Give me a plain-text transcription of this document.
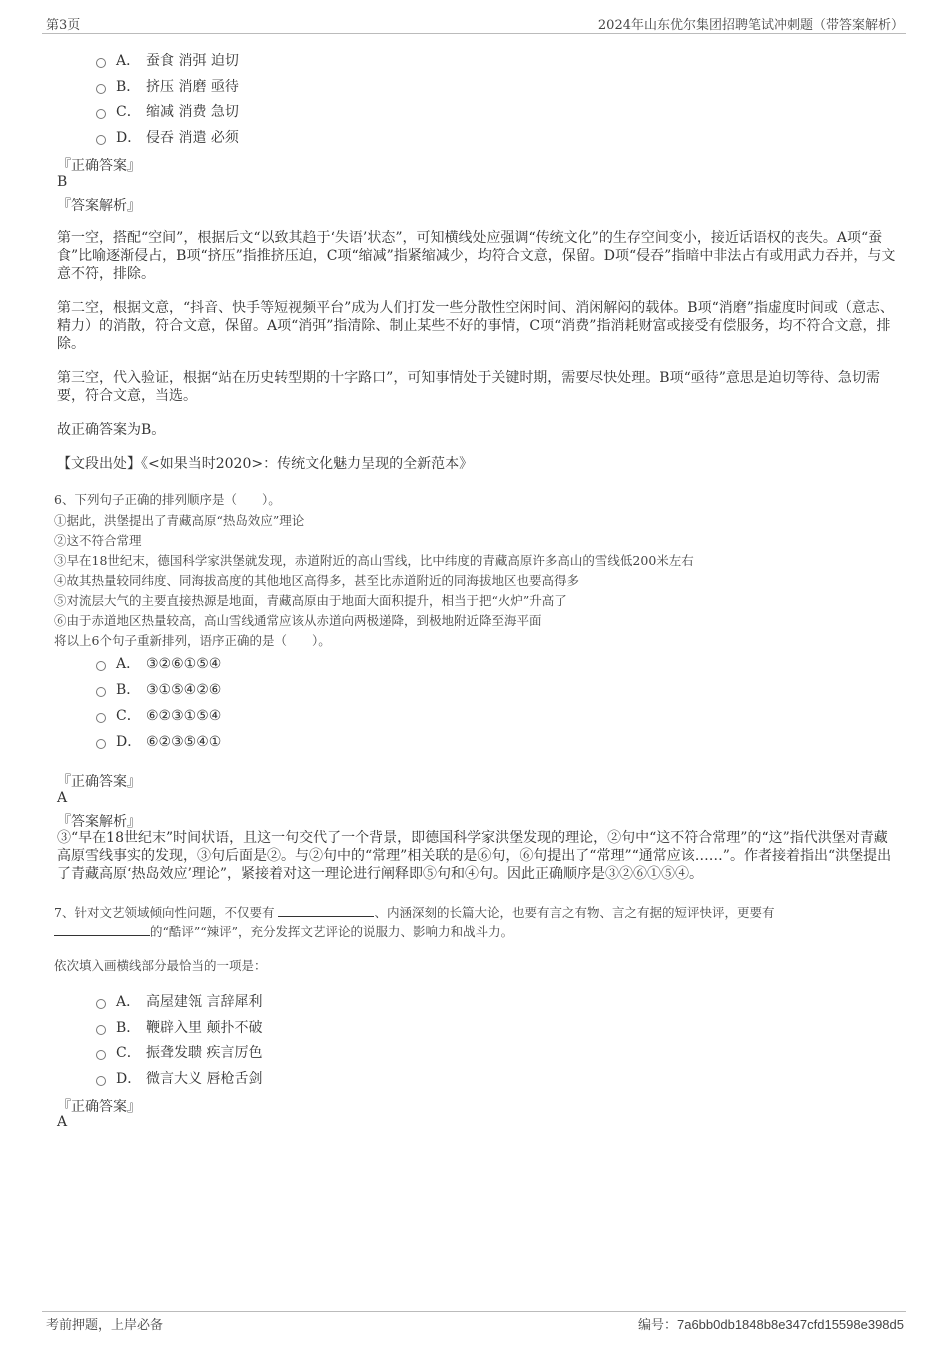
第3页	2024年山东优尔集团招聘笔试冲刺题（带答案解析）
A． 蚕食 消弭 迫切
B． 挤压 消磨 亟待
C． 缩减 消费 急切
D． 侵吞 消遣 必须
『正确答案』
B
『答案解析』
第一空，搭配“空间”，根据后文“以致其趋于‘失语’状态”，可知横线处应强调“传统文化”的生存空间变小，接近话语权的丧失。A项“蚕食”比喻逐渐侵占，B项“挤压”指推挤压迫，C项“缩减”指紧缩减少，均符合文意，保留。D项“侵吞”指暗中非法占有或用武力吞并，与文意不符，排除。
第二空，根据文意，“抖音、快手等短视频平台”成为人们打发一些分散性空闲时间、消闲解闷的载体。B项“消磨”指虚度时间或（意志、精力）的消散，符合文意，保留。A项“消弭”指清除、制止某些不好的事情，C项“消费”指消耗财富或接受有偿服务，均不符合文意，排除。
第三空，代入验证，根据“站在历史转型期的十字路口”，可知事情处于关键时期，需要尽快处理。B项“亟待”意思是迫切等待、急切需要，符合文意，当选。
故正确答案为B。
【文段出处】《<如果当时2020>：传统文化魅力呈现的全新范本》
6、下列句子正确的排列顺序是（　　）。
①据此，洪堡提出了青藏高原“热岛效应”理论
②这不符合常理
③早在18世纪末，德国科学家洪堡就发现，赤道附近的高山雪线，比中纬度的青藏高原许多高山的雪线低200米左右
④故其热量较同纬度、同海拔高度的其他地区高得多，甚至比赤道附近的同海拔地区也要高得多
⑤对流层大气的主要直接热源是地面，青藏高原由于地面大面积提升，相当于把“火炉”升高了
⑥由于赤道地区热量较高，高山雪线通常应该从赤道向两极递降，到极地附近降至海平面
将以上6个句子重新排列，语序正确的是（　　）。
A． ③②⑥①⑤④
B． ③①⑤④②⑥
C． ⑥②③①⑤④
D． ⑥②③⑤④①
『正确答案』
A
『答案解析』
③“早在18世纪末”时间状语，且这一句交代了一个背景，即德国科学家洪堡发现的理论，②句中“这不符合常理”的“这”指代洪堡对青藏高原雪线事实的发现，③句后面是②。与②句中的“常理”相关联的是⑥句，⑥句提出了“常理”“通常应该……”。作者接着指出“洪堡提出了青藏高原‘热岛效应’理论”，紧接着对这一理论进行阐释即⑤句和④句。因此正确顺序是③②⑥①⑤④。
7、针对文艺领域倾向性问题，不仅要有	、内涵深刻的长篇大论，也要有言之有物、言之有据的短评快评，更要有
的“酷评”“辣评”，充分发挥文艺评论的说服力、影响力和战斗力。
依次填入画横线部分最恰当的一项是：
A． 高屋建瓴 言辞犀利
B． 鞭辟入里 颠扑不破
C． 振聋发聩 疾言厉色
D． 微言大义 唇枪舌剑
『正确答案』
A
考前押题，上岸必备	编号：7a6bb0db1848b8e347cfd15598e398d5
